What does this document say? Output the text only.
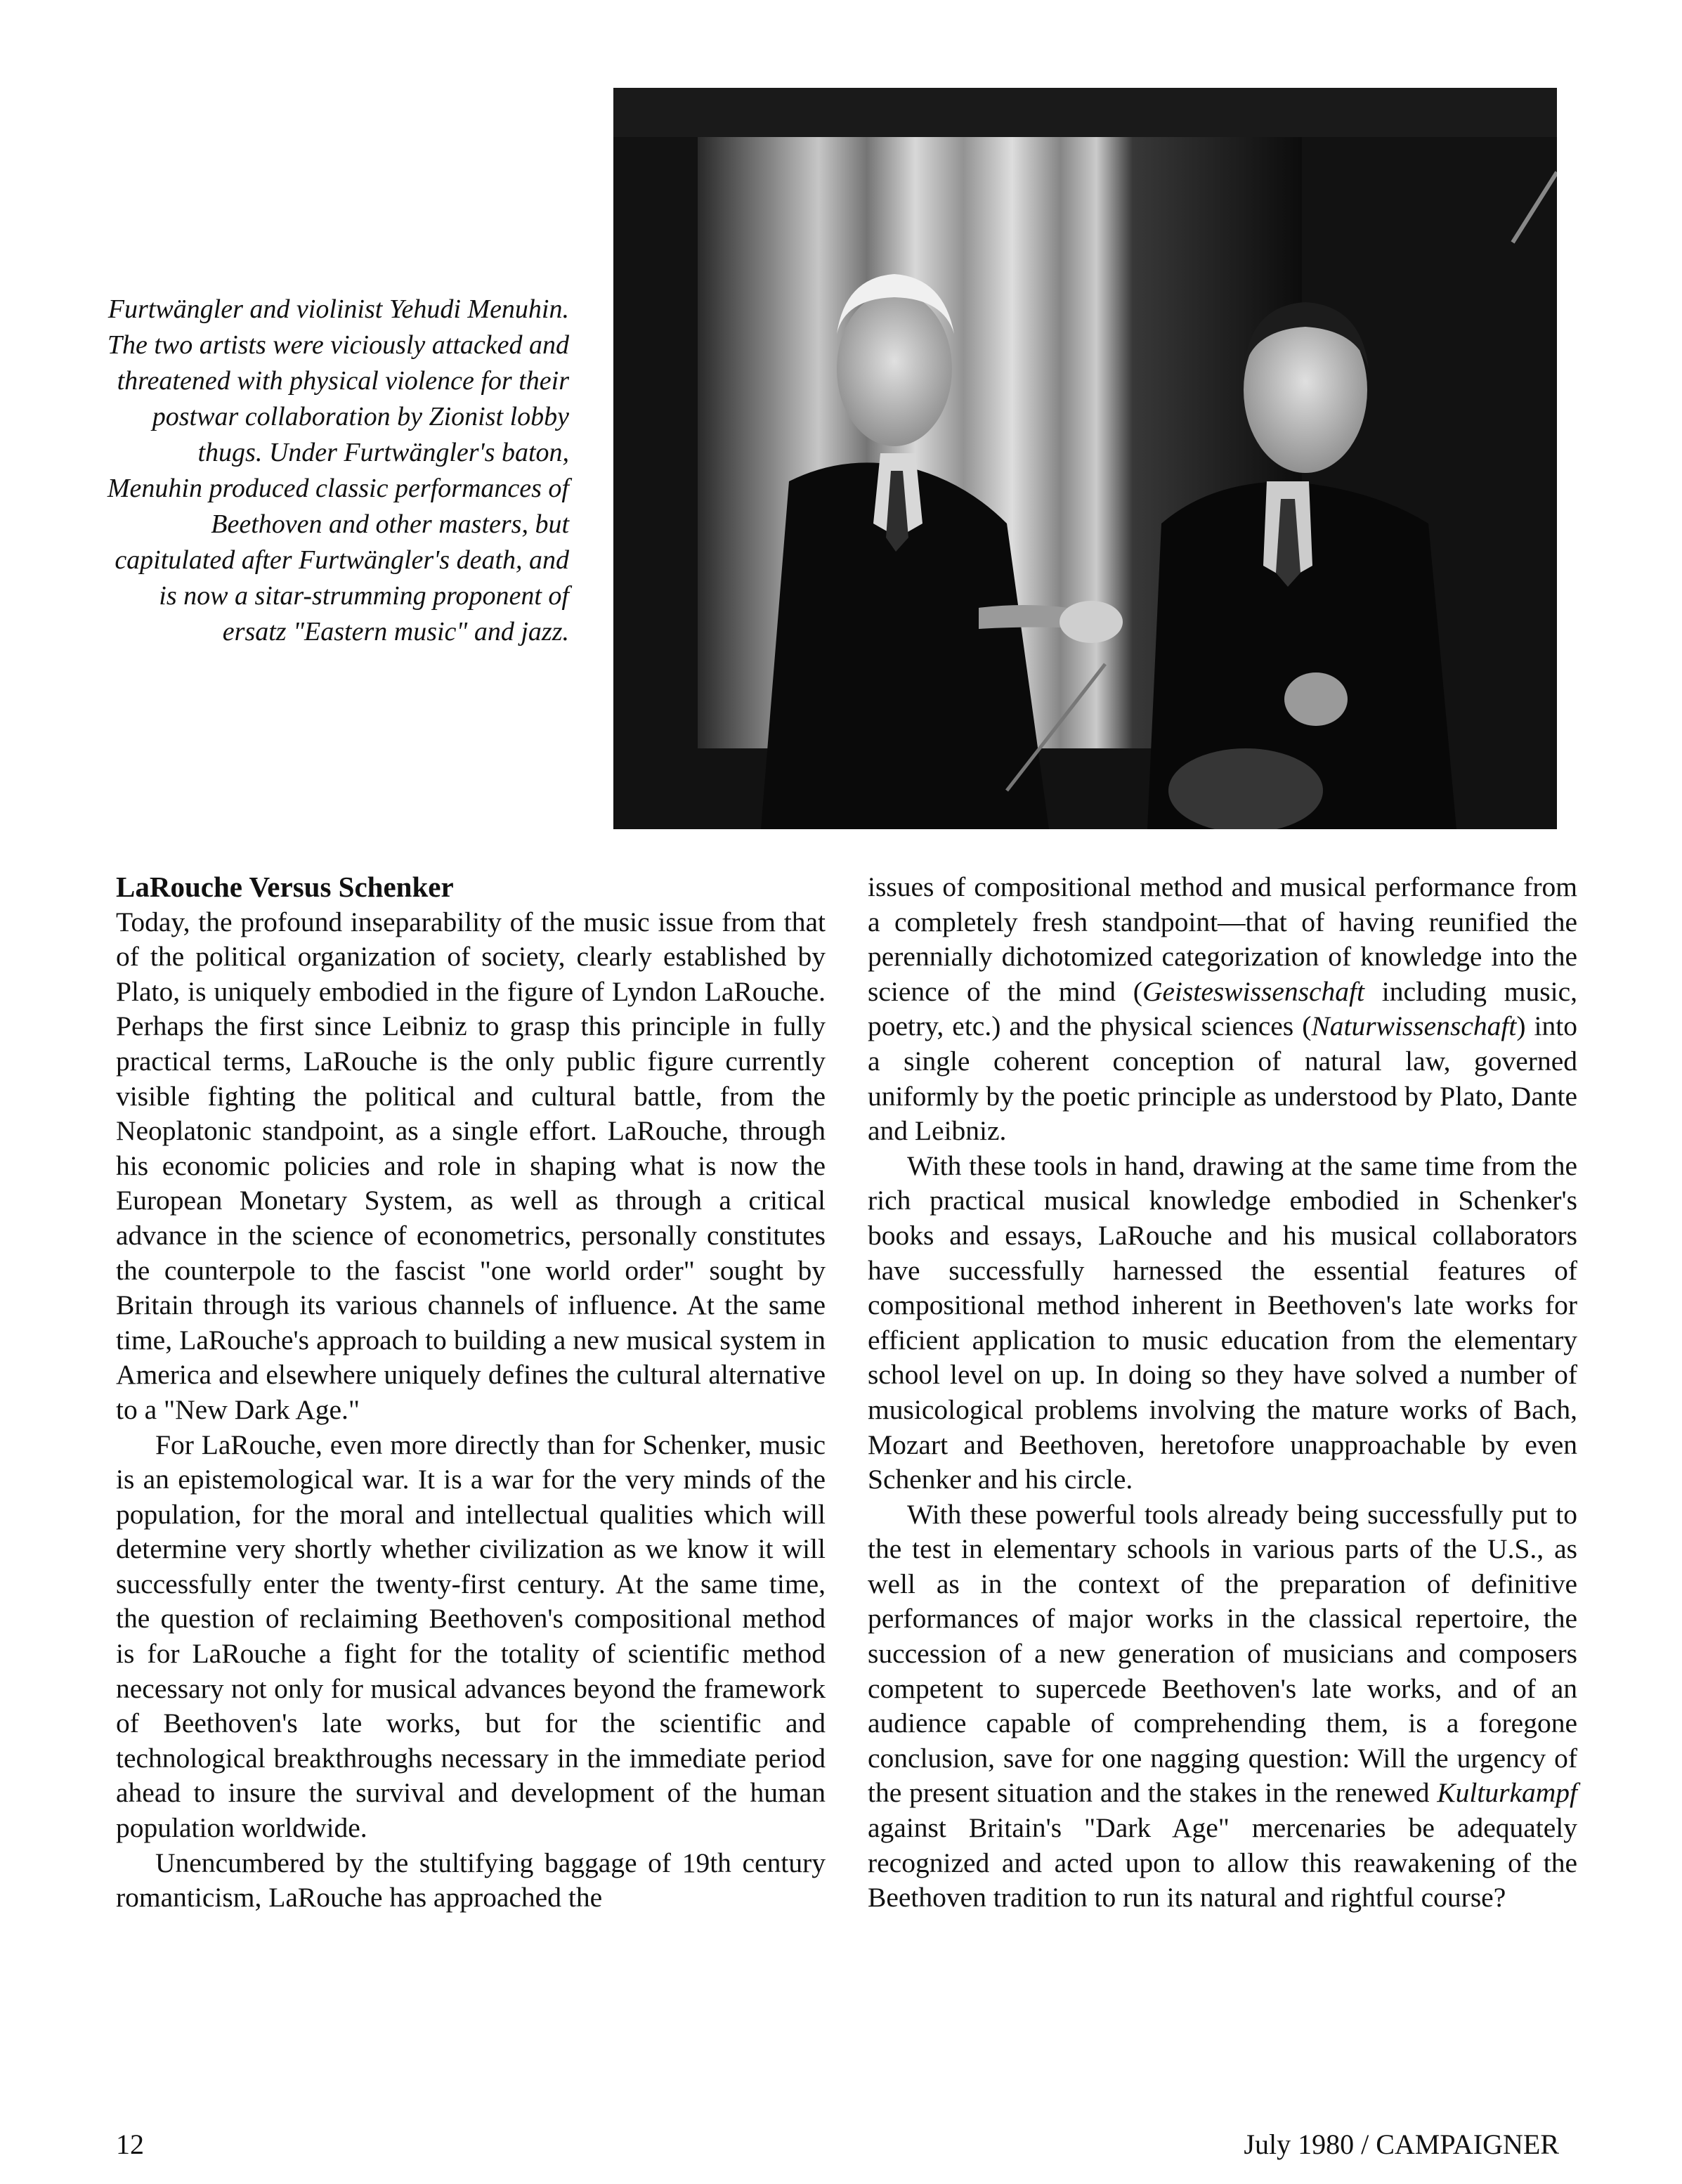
Furtwängler and violinist Yehudi Menuhin. The two artists were viciously attacked and threatened with physical violence for their postwar collaboration by Zionist lobby thugs. Under Furtwängler's baton, Menuhin produced classic performances of Beethoven and other masters, but capitulated after Furtwängler's death, and is now a sitar-strumming proponent of ersatz "Eastern music" and jazz.
LaRouche Versus Schenker

Today, the profound inseparability of the music issue from that of the political organization of society, clearly established by Plato, is uniquely embodied in the figure of Lyndon LaRouche. Perhaps the first since Leibniz to grasp this principle in fully practical terms, LaRouche is the only public figure currently visible fighting the political and cultural battle, from the Neoplatonic standpoint, as a single effort. LaRouche, through his economic policies and role in shaping what is now the European Monetary System, as well as through a critical advance in the science of econometrics, personally constitutes the counterpole to the fascist "one world order" sought by Britain through its various channels of influence. At the same time, LaRouche's approach to building a new musical system in America and elsewhere uniquely defines the cultural alternative to a "New Dark Age."

For LaRouche, even more directly than for Schenker, music is an epistemological war. It is a war for the very minds of the population, for the moral and intellectual qualities which will determine very shortly whether civilization as we know it will successfully enter the twenty-first century. At the same time, the question of reclaiming Beethoven's compositional method is for LaRouche a fight for the totality of scientific method necessary not only for musical advances beyond the framework of Beethoven's late works, but for the scientific and technological breakthroughs necessary in the immediate period ahead to insure the survival and development of the human population worldwide.

Unencumbered by the stultifying baggage of 19th century romanticism, LaRouche has approached the

issues of compositional method and musical performance from a completely fresh standpoint—that of having reunified the perennially dichotomized categorization of knowledge into the science of the mind (Geisteswissenschaft including music, poetry, etc.) and the physical sciences (Naturwissenschaft) into a single coherent conception of natural law, governed uniformly by the poetic principle as understood by Plato, Dante and Leibniz.

With these tools in hand, drawing at the same time from the rich practical musical knowledge embodied in Schenker's books and essays, LaRouche and his musical collaborators have successfully harnessed the essential features of compositional method inherent in Beethoven's late works for efficient application to music education from the elementary school level on up. In doing so they have solved a number of musicological problems involving the mature works of Bach, Mozart and Beethoven, heretofore unapproachable by even Schenker and his circle.

With these powerful tools already being successfully put to the test in elementary schools in various parts of the U.S., as well as in the context of the preparation of definitive performances of major works in the classical repertoire, the succession of a new generation of musicians and composers competent to supercede Beethoven's late works, and of an audience capable of comprehending them, is a foregone conclusion, save for one nagging question: Will the urgency of the present situation and the stakes in the renewed Kulturkampf against Britain's "Dark Age" mercenaries be adequately recognized and acted upon to allow this reawakening of the Beethoven tradition to run its natural and rightful course?

12	July 1980 / CAMPAIGNER
